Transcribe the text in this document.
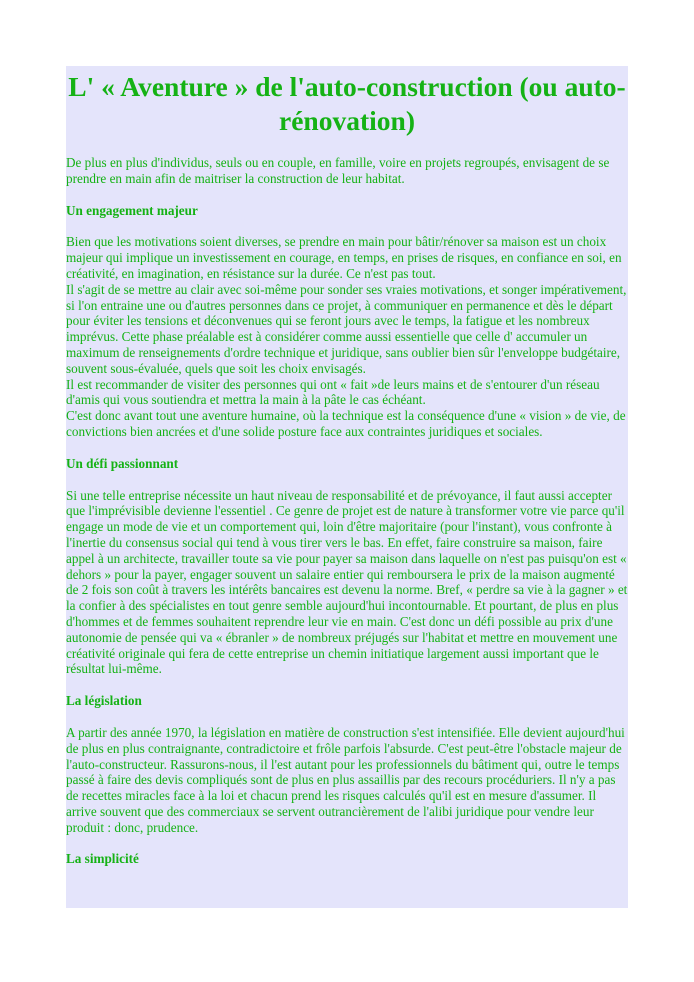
L' « Aventure » de l'auto-construction (ou auto-rénovation)

De plus en plus d'individus, seuls ou en couple, en famille, voire en projets regroupés, envisagent de se prendre en main afin de maitriser la construction de leur habitat.

Un engagement majeur

Bien que les motivations soient diverses, se prendre en main pour bâtir/rénover sa maison est un choix majeur qui implique un investissement en courage, en temps, en prises de risques, en confiance en soi, en créativité, en imagination, en résistance sur la durée. Ce n'est pas tout.

Il s'agit de se mettre au clair avec soi-même pour sonder ses vraies motivations, et songer impérativement, si l'on entraine une ou d'autres personnes dans ce projet, à communiquer en permanence et dès le départ pour éviter les tensions et déconvenues qui se feront jours avec le temps, la fatigue et les nombreux imprévus. Cette phase préalable est à considérer comme aussi essentielle que celle d' accumuler un maximum de renseignements d'ordre technique et juridique, sans oublier bien sûr l'enveloppe budgétaire, souvent sous-évaluée, quels que soit les choix envisagés.

Il est recommander de visiter des personnes qui ont « fait »de leurs mains et de s'entourer d'un réseau d'amis qui vous soutiendra et mettra la main à la pâte le cas échéant.

C'est donc avant tout une aventure humaine, où la technique est la conséquence d'une « vision » de vie, de convictions bien ancrées et d'une solide posture face aux contraintes juridiques et sociales.

Un défi passionnant

Si une telle entreprise nécessite un haut niveau de responsabilité et de prévoyance, il faut aussi accepter que l'imprévisible devienne l'essentiel . Ce genre de projet est de nature à transformer votre vie parce qu'il engage un mode de vie et un comportement qui, loin d'être majoritaire (pour l'instant), vous confronte à l'inertie du consensus social qui tend à vous tirer vers le bas. En effet, faire construire sa maison, faire appel à un architecte, travailler toute sa vie pour payer sa maison dans laquelle on n'est pas puisqu'on est « dehors » pour la payer, engager souvent un salaire entier qui remboursera le prix de la maison augmenté de 2 fois son coût à travers les intérêts bancaires est devenu la norme. Bref, « perdre sa vie à la gagner » et la confier à des spécialistes en tout genre semble aujourd'hui incontournable. Et pourtant, de plus en plus d'hommes et de femmes souhaitent reprendre leur vie en main. C'est donc un défi possible au prix d'une autonomie de pensée qui va « ébranler » de nombreux préjugés sur l'habitat et mettre en mouvement une créativité originale qui fera de cette entreprise un chemin initiatique largement aussi important que le résultat lui-même.

La législation

A partir des année 1970, la législation en matière de construction s'est intensifiée. Elle devient aujourd'hui de plus en plus contraignante, contradictoire et frôle parfois l'absurde. C'est peut-être l'obstacle majeur de l'auto-constructeur. Rassurons-nous, il l'est autant pour les professionnels du bâtiment qui, outre le temps passé à faire des devis compliqués sont de plus en plus assaillis par des recours procéduriers. Il n'y a pas de recettes miracles face à la loi et chacun prend les risques calculés qu'il est en mesure d'assumer. Il arrive souvent que des commerciaux se servent outrancièrement de l'alibi juridique pour vendre leur produit : donc, prudence.

La simplicité
